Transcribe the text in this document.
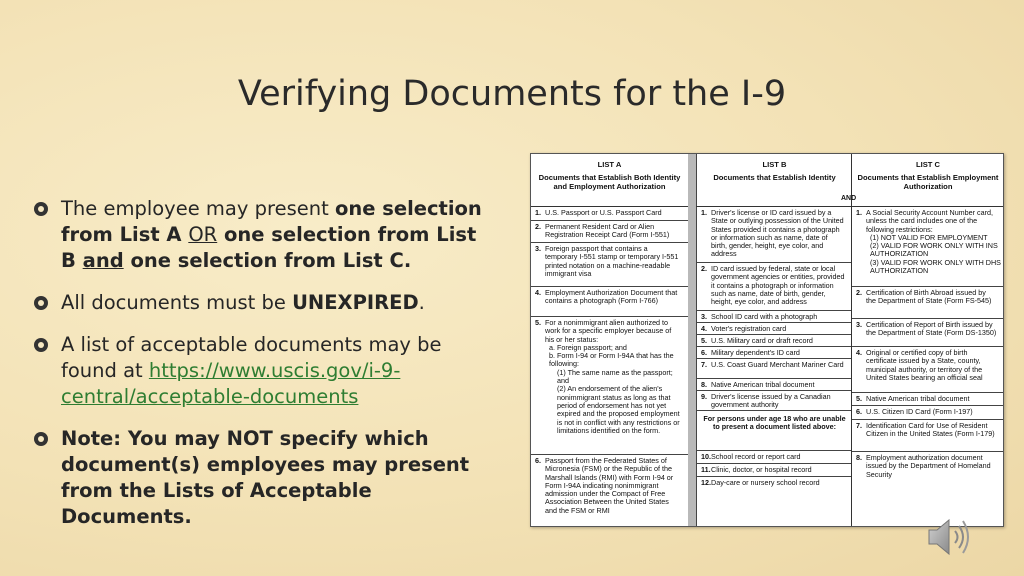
Verifying Documents for the I-9
The employee may present one selection from List A OR one selection from List B and one selection from List C.
All documents must be UNEXPIRED.
A list of acceptable documents may be found at https://www.uscis.gov/i-9-central/acceptable-documents
Note: You may NOT specify which document(s) employees may present from the Lists of Acceptable Documents.
LIST A
Documents that Establish Both Identity and Employment Authorization
LIST B
Documents that Establish Identity
LIST C
Documents that Establish Employment Authorization
AND
1. U.S. Passport or U.S. Passport Card
2. Permanent Resident Card or Alien Registration Receipt Card (Form I-551)
3. Foreign passport that contains a temporary I-551 stamp or temporary I-551 printed notation on a machine-readable immigrant visa
4. Employment Authorization Document that contains a photograph (Form I-766)
5. For a nonimmigrant alien authorized to work for a specific employer because of his or her status:
a. Foreign passport; and
b. Form I-94 or Form I-94A that has the following:
(1) The same name as the passport; and
(2) An endorsement of the alien's nonimmigrant status as long as that period of endorsement has not yet expired and the proposed employment is not in conflict with any restrictions or limitations identified on the form.
6. Passport from the Federated States of Micronesia (FSM) or the Republic of the Marshall Islands (RMI) with Form I-94 or Form I-94A indicating nonimmigrant admission under the Compact of Free Association Between the United States and the FSM or RMI
1. Driver's license or ID card issued by a State or outlying possession of the United States provided it contains a photograph or information such as name, date of birth, gender, height, eye color, and address
2. ID card issued by federal, state or local government agencies or entities, provided it contains a photograph or information such as name, date of birth, gender, height, eye color, and address
3. School ID card with a photograph
4. Voter's registration card
5. U.S. Military card or draft record
6. Military dependent's ID card
7. U.S. Coast Guard Merchant Mariner Card
8. Native American tribal document
9. Driver's license issued by a Canadian government authority
For persons under age 18 who are unable to present a document listed above:
10.School record or report card
11.Clinic, doctor, or hospital record
12.Day-care or nursery school record
1. A Social Security Account Number card, unless the card includes one of the following restrictions:
(1) NOT VALID FOR EMPLOYMENT
(2) VALID FOR WORK ONLY WITH INS AUTHORIZATION
(3) VALID FOR WORK ONLY WITH DHS AUTHORIZATION
2. Certification of Birth Abroad issued by the Department of State (Form FS-545)
3. Certification of Report of Birth issued by the Department of State (Form DS-1350)
4. Original or certified copy of birth certificate issued by a State, county, municipal authority, or territory of the United States bearing an official seal
5. Native American tribal document
6. U.S. Citizen ID Card (Form I-197)
7. Identification Card for Use of Resident Citizen in the United States (Form I-179)
8. Employment authorization document issued by the Department of Homeland Security
